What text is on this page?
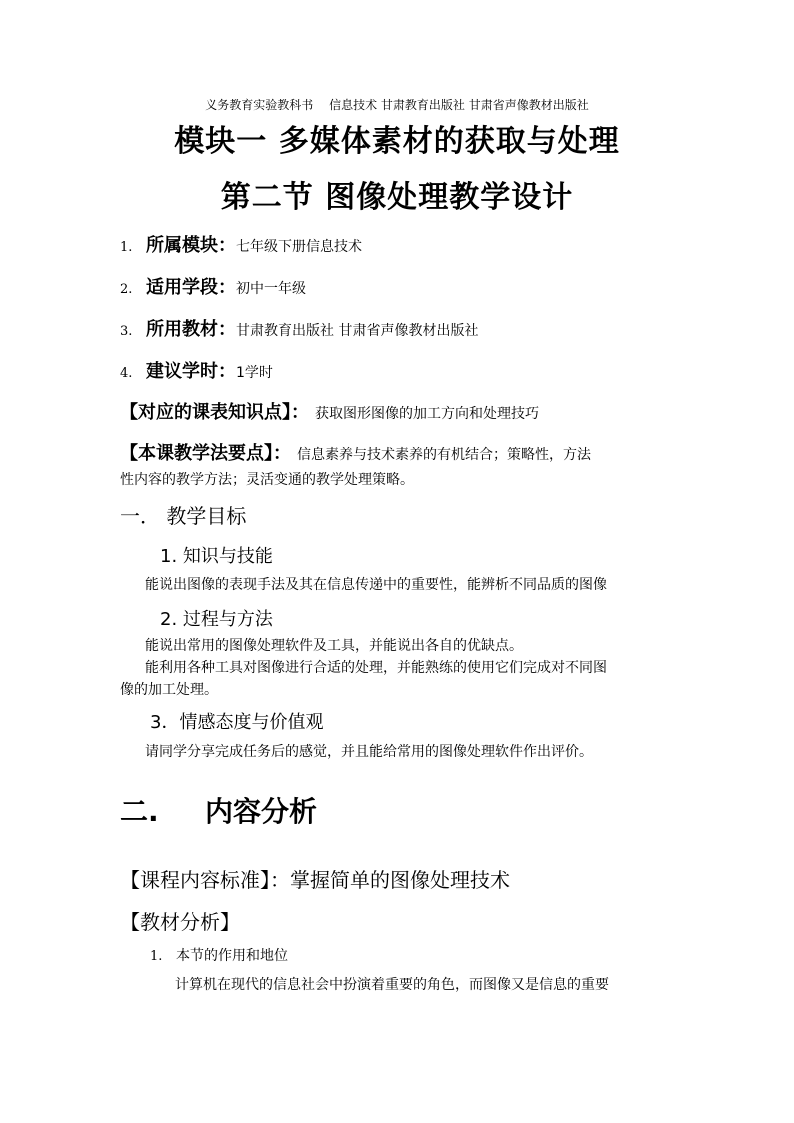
义务教育实验教科书　 信息技术 甘肃教育出版社 甘肃省声像教材出版社
模块一 多媒体素材的获取与处理
第二节 图像处理教学设计
1. 所属模块：七年级下册信息技术
2. 适用学段：初中一年级
3. 所用教材：甘肃教育出版社 甘肃省声像教材出版社
4. 建议学时：1学时
【对应的课表知识点】： 获取图形图像的加工方向和处理技巧
【本课教学法要点】： 信息素养与技术素养的有机结合；策略性，方法
性内容的教学方法；灵活变通的教学处理策略。
一． 教学目标
1. 知识与技能
能说出图像的表现手法及其在信息传递中的重要性，能辨析不同品质的图像
2. 过程与方法
能说出常用的图像处理软件及工具，并能说出各自的优缺点。
能利用各种工具对图像进行合适的处理，并能熟练的使用它们完成对不同图
像的加工处理。
3．情感态度与价值观
请同学分享完成任务后的感觉，并且能给常用的图像处理软件作出评价。
二. 内容分析
【课程内容标准】：掌握简单的图像处理技术
【教材分析】
1. 本节的作用和地位
计算机在现代的信息社会中扮演着重要的角色，而图像又是信息的重要
